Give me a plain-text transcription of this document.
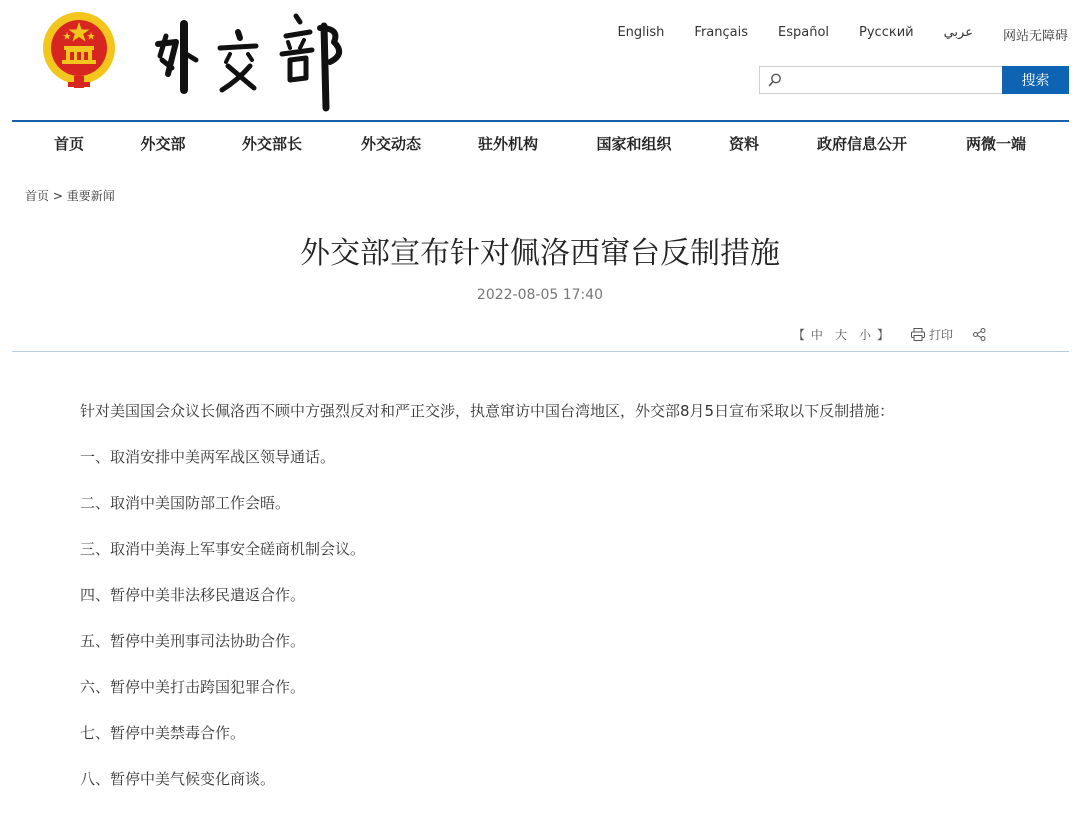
English Français Español Русский عربي 网站无障碍
搜索
首页	外交部	外交部长	外交动态	驻外机构	国家和组织	资料	政府信息公开	两微一端
首页 > 重要新闻
外交部宣布针对佩洛西窜台反制措施
2022-08-05 17:40
【 中 大 小 】	打印

针对美国国会众议长佩洛西不顾中方强烈反对和严正交涉，执意窜访中国台湾地区，外交部8月5日宣布采取以下反制措施：

一、取消安排中美两军战区领导通话。

二、取消中美国防部工作会晤。

三、取消中美海上军事安全磋商机制会议。

四、暂停中美非法移民遣返合作。

五、暂停中美刑事司法协助合作。

六、暂停中美打击跨国犯罪合作。

七、暂停中美禁毒合作。

八、暂停中美气候变化商谈。
